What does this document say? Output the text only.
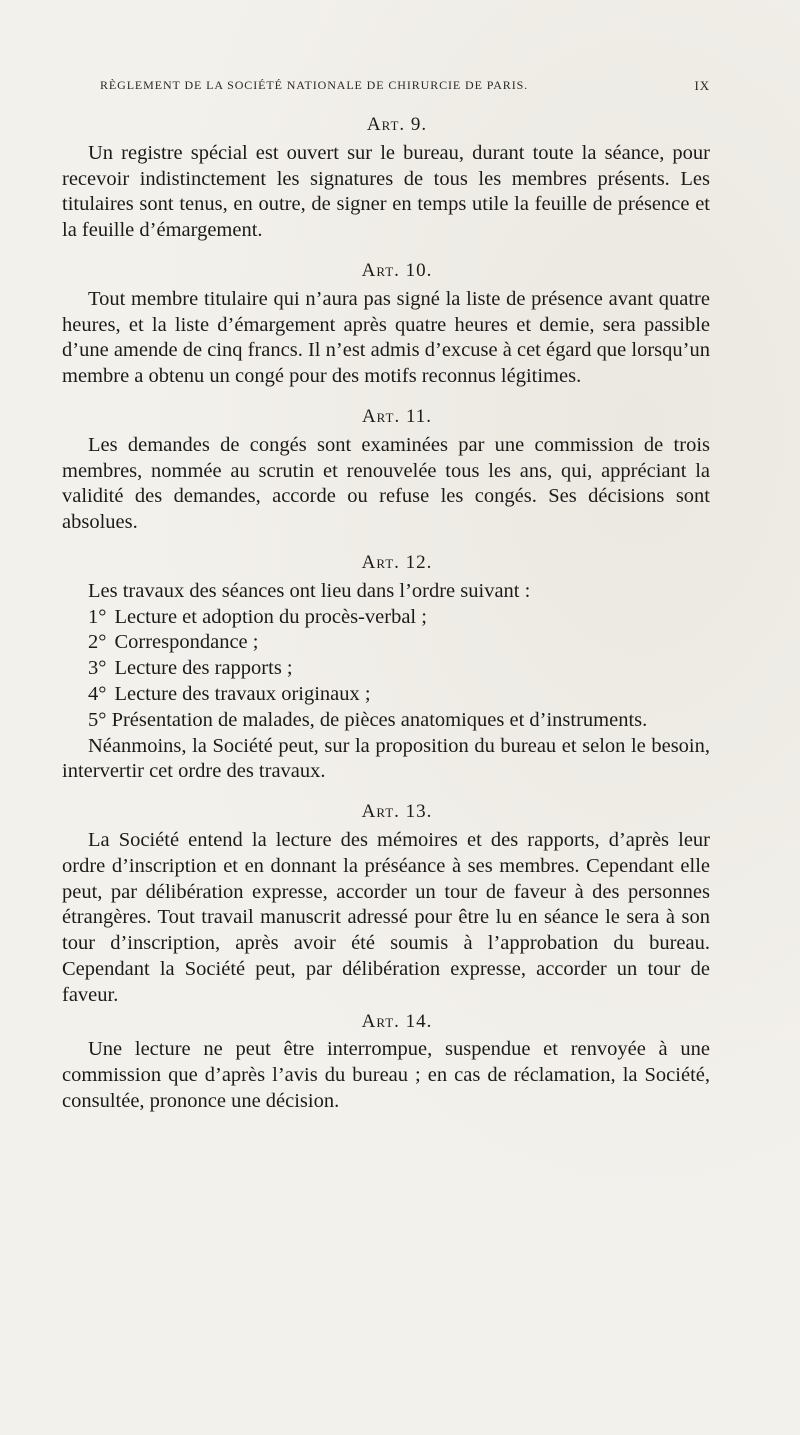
RÈGLEMENT DE LA SOCIÉTÉ NATIONALE DE CHIRURCIE DE PARIS.	IX
Art. 9.

Un registre spécial est ouvert sur le bureau, durant toute la séance, pour recevoir indistinctement les signatures de tous les membres présents. Les titulaires sont tenus, en outre, de signer en temps utile la feuille de présence et la feuille d’émargement.

Art. 10.

Tout membre titulaire qui n’aura pas signé la liste de présence avant quatre heures, et la liste d’émargement après quatre heures et demie, sera passible d’une amende de cinq francs. Il n’est admis d’excuse à cet égard que lorsqu’un membre a obtenu un congé pour des motifs reconnus légitimes.

Art. 11.

Les demandes de congés sont examinées par une commission de trois membres, nommée au scrutin et renouvelée tous les ans, qui, appréciant la validité des demandes, accorde ou refuse les congés. Ses décisions sont absolues.

Art. 12.

Les travaux des séances ont lieu dans l’ordre suivant :

1° Lecture et adoption du procès-verbal ;

2° Correspondance ;

3° Lecture des rapports ;

4° Lecture des travaux originaux ;

5° Présentation de malades, de pièces anatomiques et d’instruments.

Néanmoins, la Société peut, sur la proposition du bureau et selon le besoin, intervertir cet ordre des travaux.

Art. 13.

La Société entend la lecture des mémoires et des rapports, d’après leur ordre d’inscription et en donnant la préséance à ses membres. Cependant elle peut, par délibération expresse, accorder un tour de faveur à des personnes étrangères. Tout travail manuscrit adressé pour être lu en séance le sera à son tour d’inscription, après avoir été soumis à l’approbation du bureau. Cependant la Société peut, par délibération expresse, accorder un tour de faveur.

Art. 14.

Une lecture ne peut être interrompue, suspendue et renvoyée à une commission que d’après l’avis du bureau ; en cas de réclamation, la Société, consultée, prononce une décision.
